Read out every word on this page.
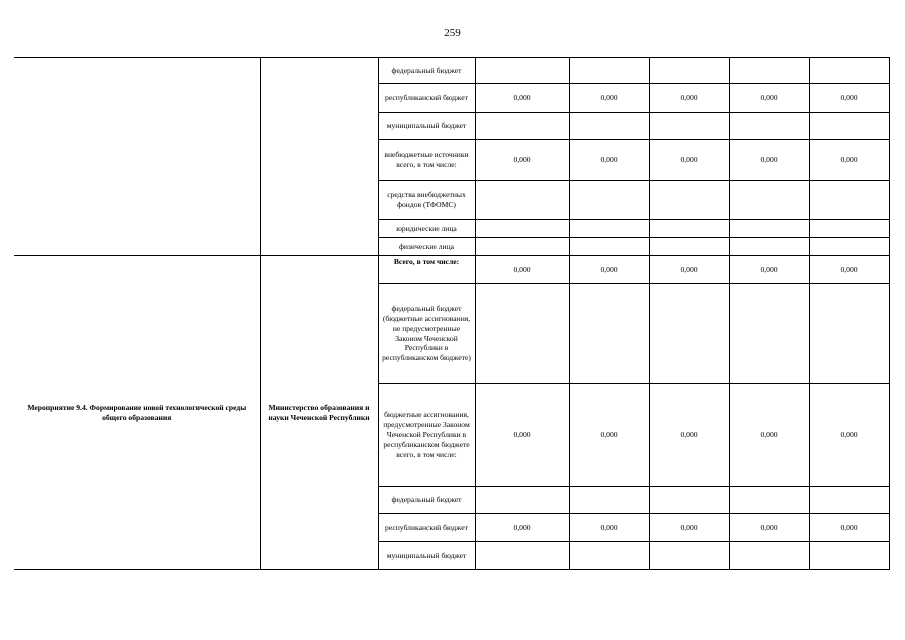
259
		федеральный бюджет					
		республиканский бюджет	0,000	0,000	0,000	0,000	0,000
		муниципальный бюджет					
		внебюджетные источники всего, в том числе:	0,000	0,000	0,000	0,000	0,000
		средства внебюджетных фондов (ТФОМС)					
		юридические лица					
		физические лица					
Мероприятие 9.4. Формирование новой технологической среды общего образования	Министерство образования и науки Чеченской Республики	Всего, в том числе:	0,000	0,000	0,000	0,000	0,000
		федеральный бюджет (бюджетные ассигнования, не предусмотренные Законом Чеченской Республики в республиканском бюджете)					
		бюджетные ассигнования, предусмотренные Законом Чеченской Республики в республиканском бюджете всего, в том числе:	0,000	0,000	0,000	0,000	0,000
		федеральный бюджет					
		республиканский бюджет	0,000	0,000	0,000	0,000	0,000
		муниципальный бюджет					
